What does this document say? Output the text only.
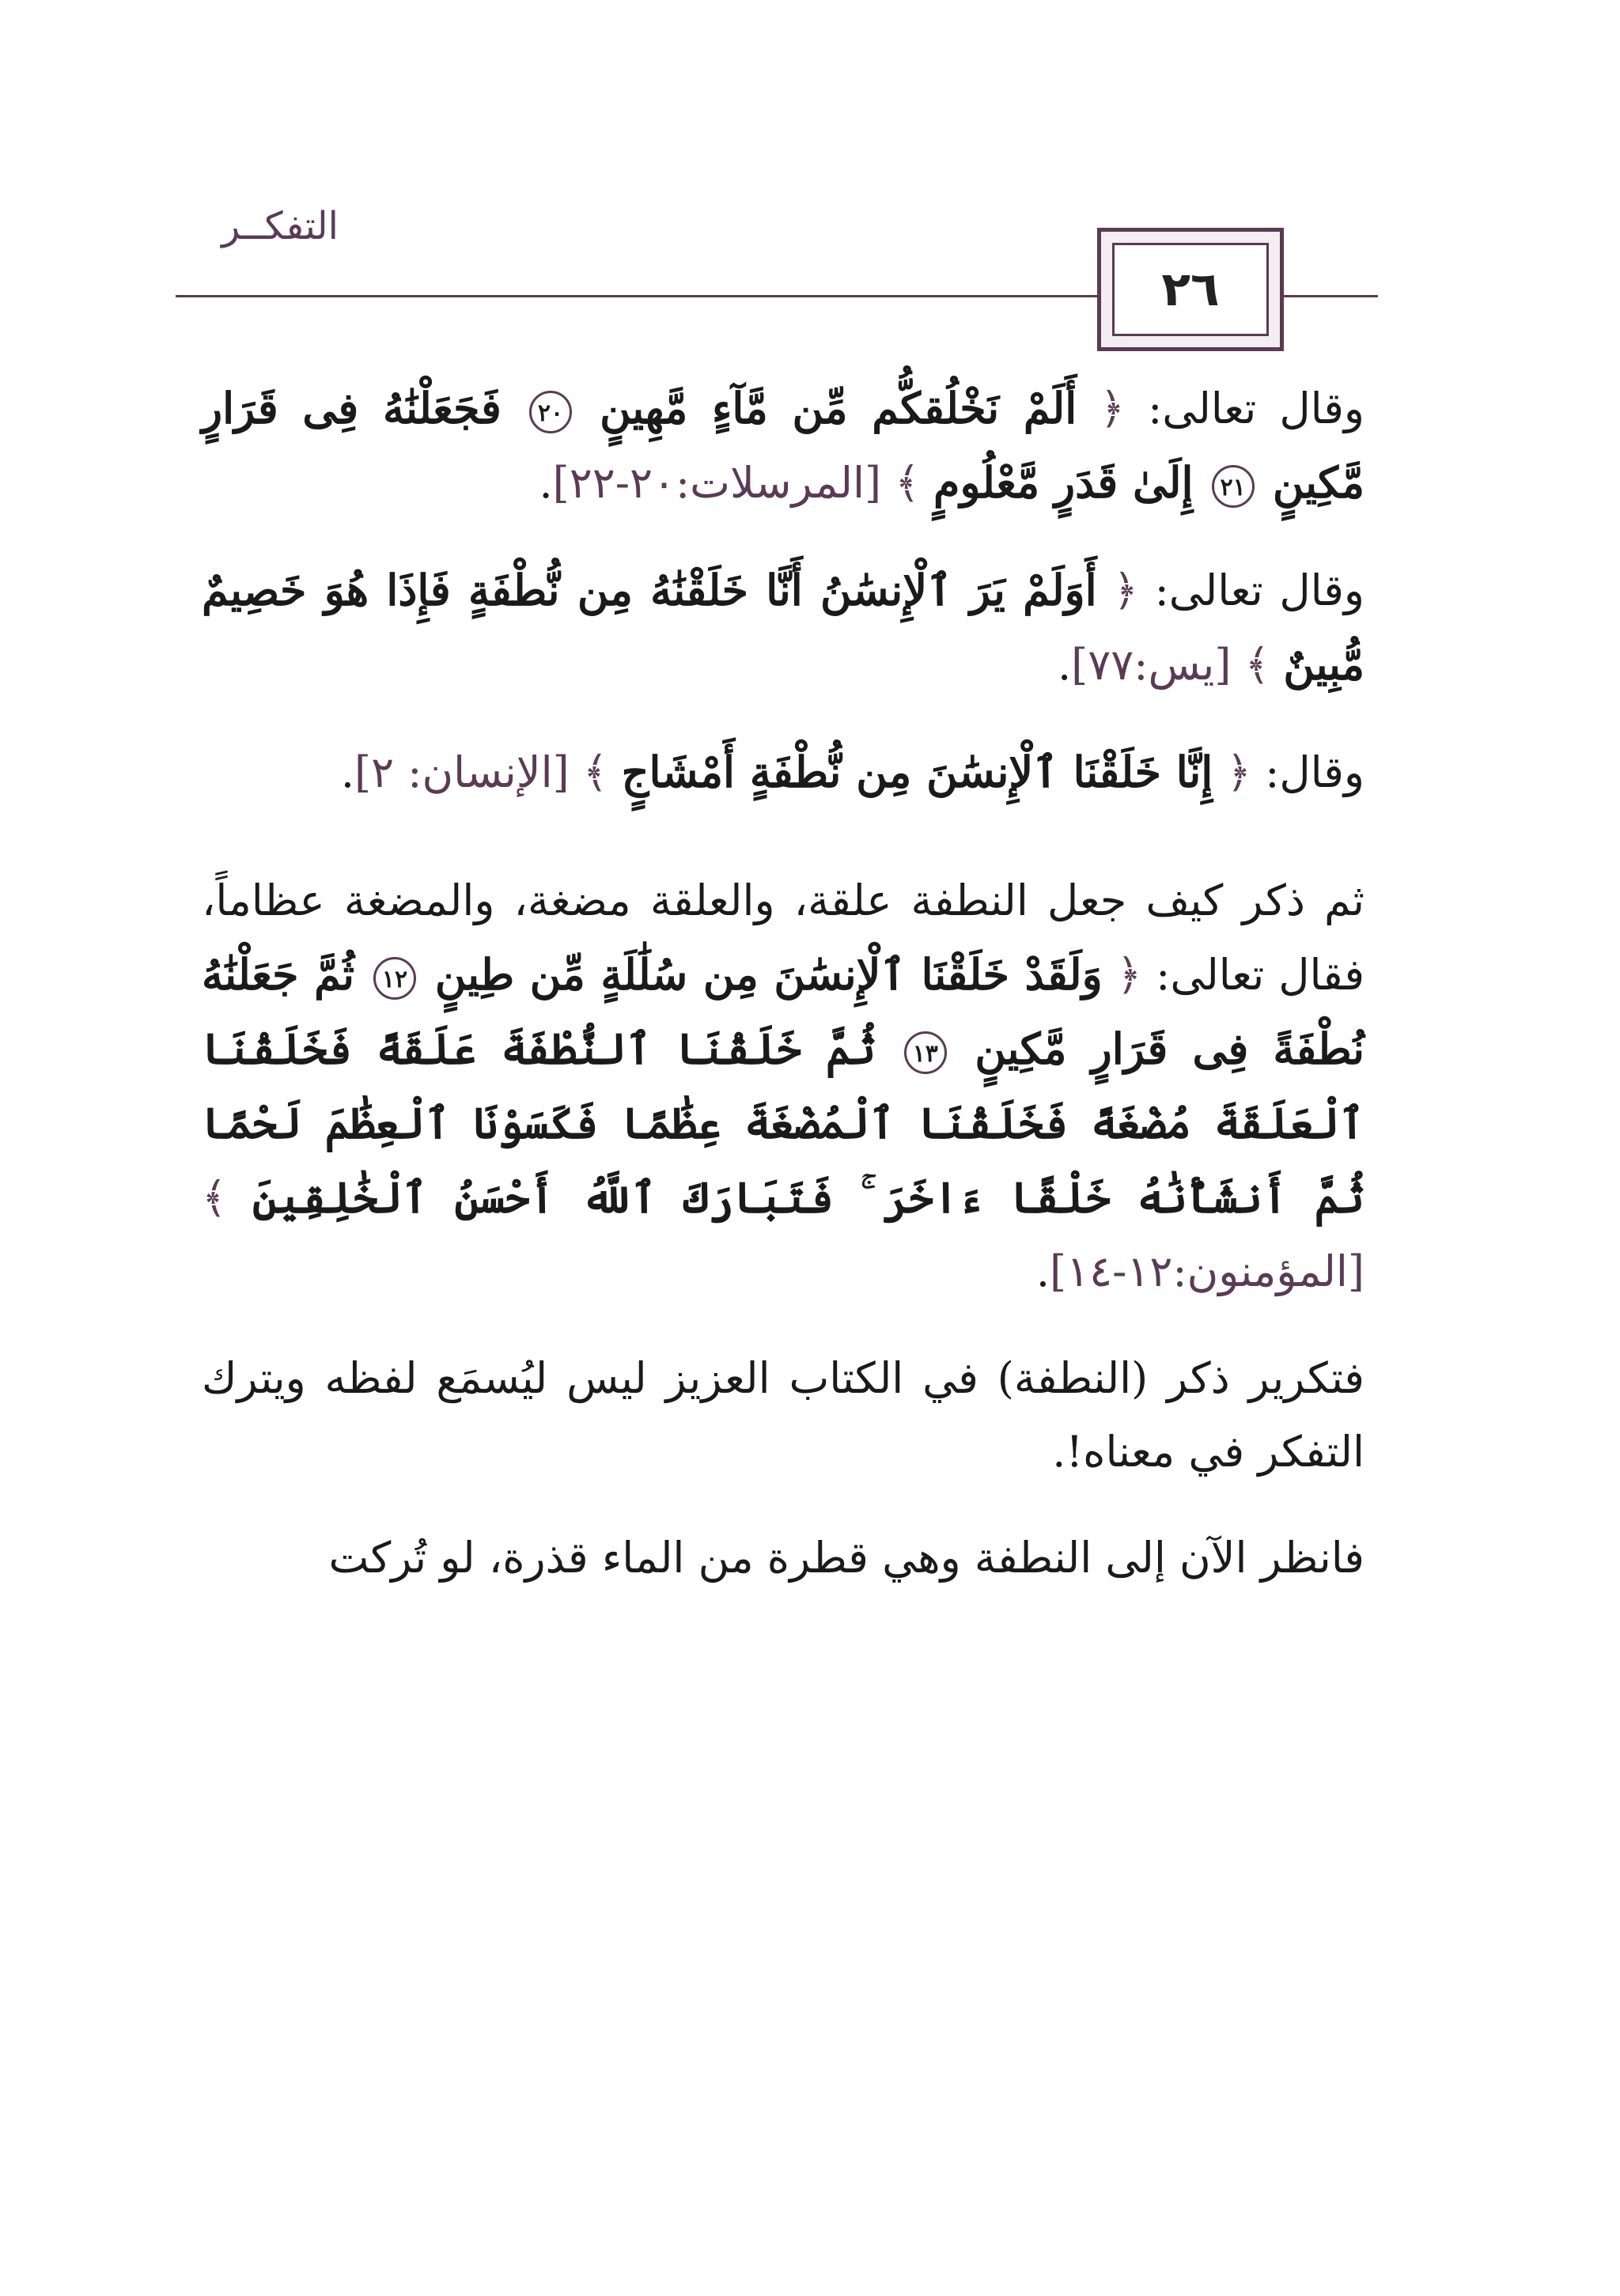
التفكــر
٢٦

وقال تعالى: ﴿ أَلَمْ نَخْلُقكُّم مِّن مَّآءٍ مَّهِينٍ ٢٠ فَجَعَلْنَٰهُ فِى قَرَارٍ مَّكِينٍ ٢١ إِلَىٰ قَدَرٍ مَّعْلُومٍ ﴾ [المرسلات:٢٠-٢٢].

وقال تعالى: ﴿ أَوَلَمْ يَرَ ٱلْإِنسَٰنُ أَنَّا خَلَقْنَٰهُ مِن نُّطْفَةٍ فَإِذَا هُوَ خَصِيمٌ مُّبِينٌ ﴾ [يس:٧٧].

وقال: ﴿ إِنَّا خَلَقْنَا ٱلْإِنسَٰنَ مِن نُّطْفَةٍ أَمْشَاجٍ ﴾ [الإنسان: ٢].

ثم ذكر كيف جعل النطفة علقة، والعلقة مضغة، والمضغة عظاماً، فقال تعالى: ﴿ وَلَقَدْ خَلَقْنَا ٱلْإِنسَٰنَ مِن سُلَٰلَةٍ مِّن طِينٍ ١٢ ثُمَّ جَعَلْنَٰهُ نُطْفَةً فِى قَرَارٍ مَّكِينٍ ١٣ ثُمَّ خَلَقْنَا ٱلنُّطْفَةَ عَلَقَةً فَخَلَقْنَا ٱلْعَلَقَةَ مُضْغَةً فَخَلَقْنَا ٱلْمُضْغَةَ عِظَٰمًا فَكَسَوْنَا ٱلْعِظَٰمَ لَحْمًا ثُمَّ أَنشَأْنَٰهُ خَلْقًا ءَاخَرَ ۚ فَتَبَارَكَ ٱللَّهُ أَحْسَنُ ٱلْخَٰلِقِينَ ﴾ [المؤمنون:١٢-١٤].

فتكرير ذكر (النطفة) في الكتاب العزيز ليس ليُسمَع لفظه ويترك التفكر في معناه!.

فانظر الآن إلى النطفة وهي قطرة من الماء قذرة، لو تُركت
